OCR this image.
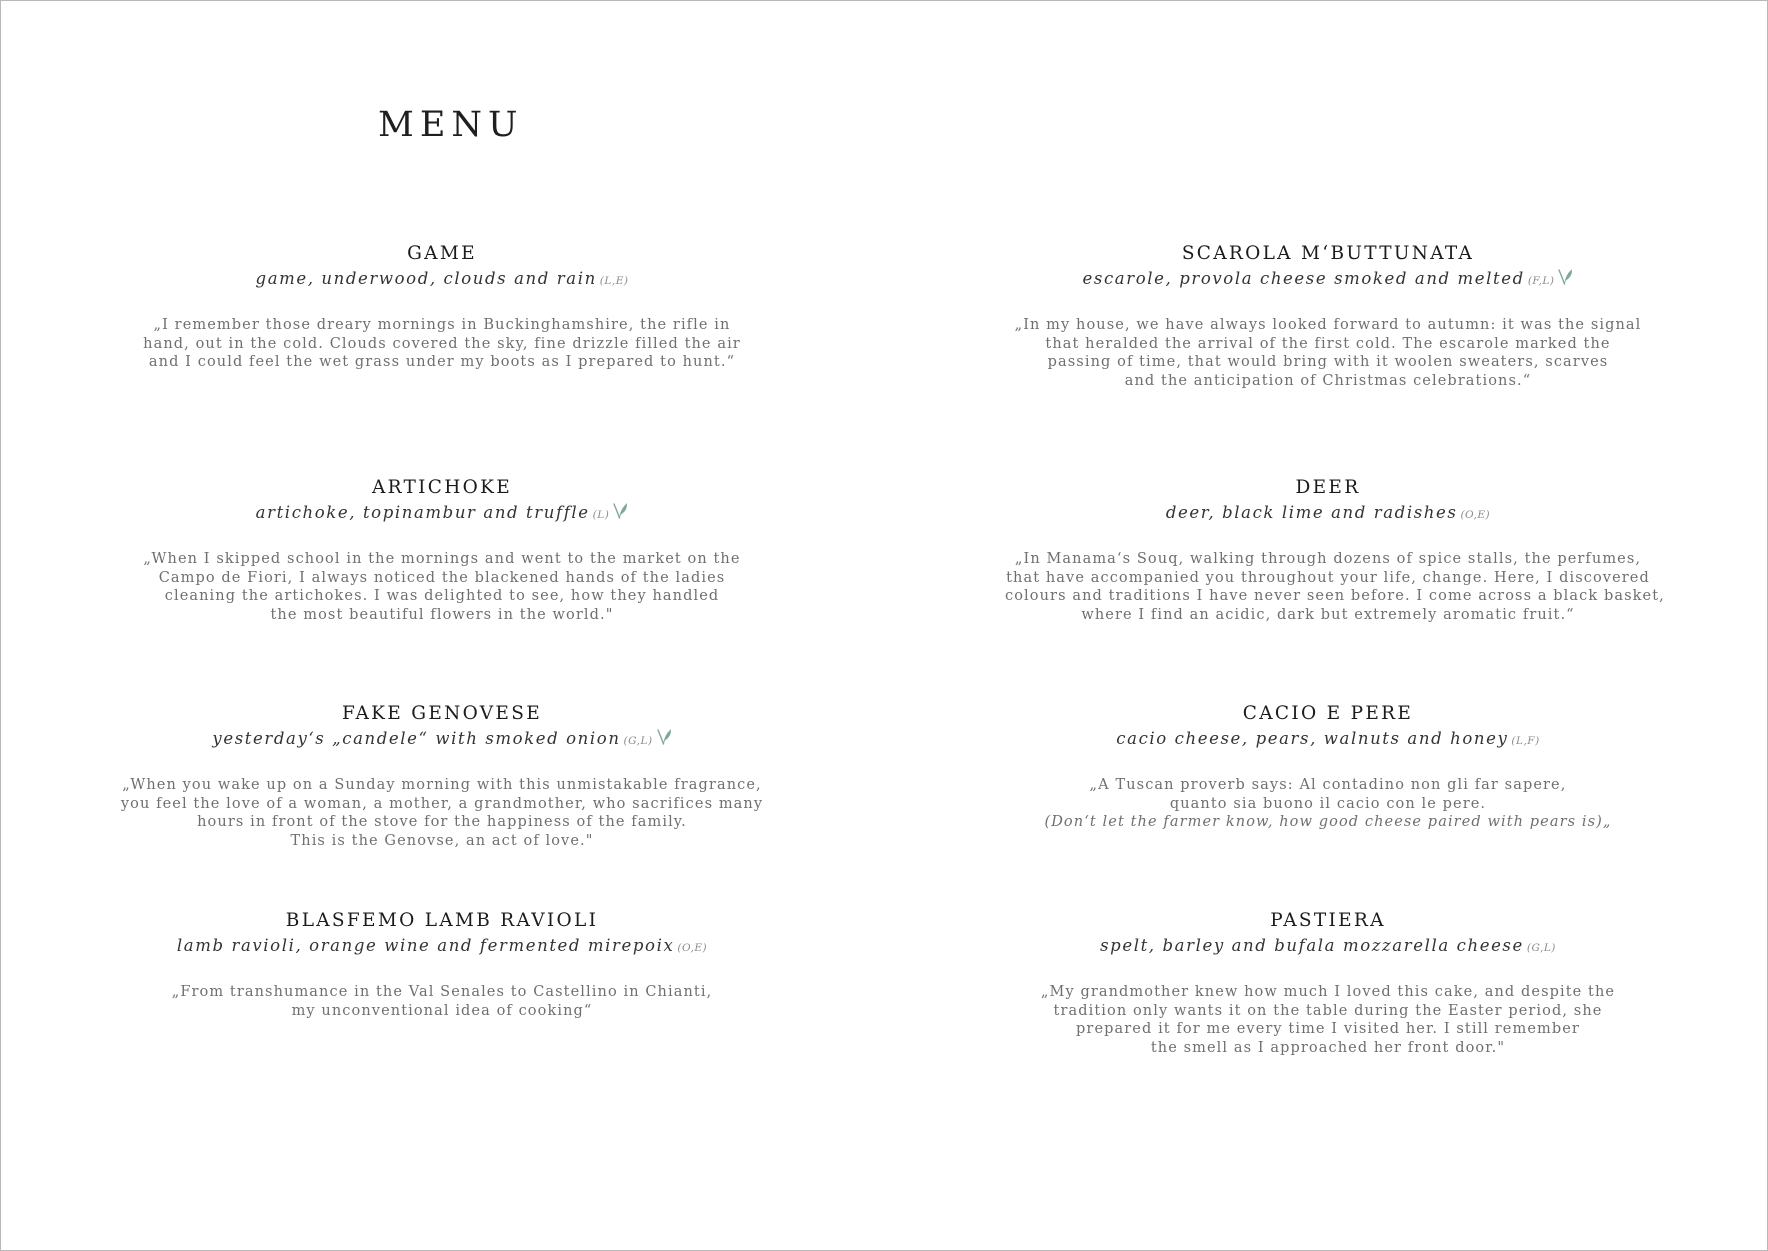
MENU
GAME
game, underwood, clouds and rain (L,E)
„I remember those dreary mornings in Buckinghamshire, the rifle in
hand, out in the cold. Clouds covered the sky, fine drizzle filled the air
and I could feel the wet grass under my boots as I prepared to hunt.“
SCAROLA M‘BUTTUNATA
escarole, provola cheese smoked and melted (F,L)
„In my house, we have always looked forward to autumn: it was the signal
that heralded the arrival of the first cold. The escarole marked the
passing of time, that would bring with it woolen sweaters, scarves
and the anticipation of Christmas celebrations.“
ARTICHOKE
artichoke, topinambur and truffle (L)
„When I skipped school in the mornings and went to the market on the
Campo de Fiori, I always noticed the blackened hands of the ladies
cleaning the artichokes. I was delighted to see, how they handled
the most beautiful flowers in the world."
DEER
deer, black lime and radishes (O,E)
„In Manama‘s Souq, walking through dozens of spice stalls, the perfumes,
that have accompanied you throughout your life, change. Here, I discovered
colours and traditions I have never seen before. I come across a black basket,
where I find an acidic, dark but extremely aromatic fruit.“
FAKE GENOVESE
yesterday‘s „candele“ with smoked onion (G,L)
„When you wake up on a Sunday morning with this unmistakable fragrance,
you feel the love of a woman, a mother, a grandmother, who sacrifices many
hours in front of the stove for the happiness of the family.
This is the Genovse, an act of love."
CACIO E PERE
cacio cheese, pears, walnuts and honey (L,F)
„A Tuscan proverb says: Al contadino non gli far sapere,
quanto sia buono il cacio con le pere.
(Don‘t let the farmer know, how good cheese paired with pears is)„
BLASFEMO LAMB RAVIOLI
lamb ravioli, orange wine and fermented mirepoix (O,E)
„From transhumance in the Val Senales to Castellino in Chianti,
my unconventional idea of cooking“
PASTIERA
spelt, barley and bufala mozzarella cheese (G,L)
„My grandmother knew how much I loved this cake, and despite the
tradition only wants it on the table during the Easter period, she
prepared it for me every time I visited her. I still remember
the smell as I approached her front door."
